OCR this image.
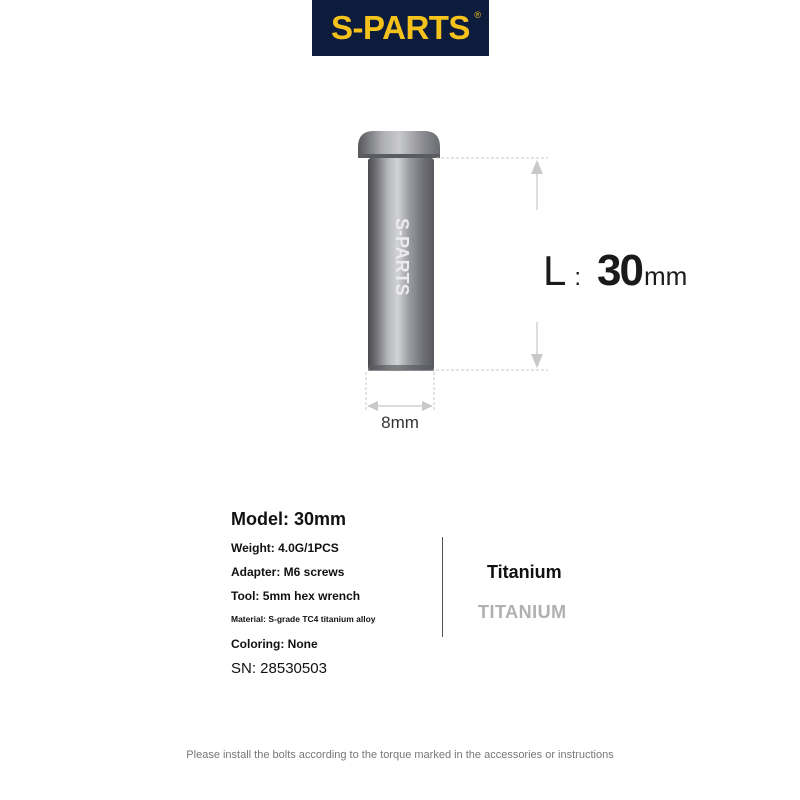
S-PARTS ®
S-PARTS	L : 30 mm
8mm
Model: 30mm
Weight: 4.0G/1PCS
Adapter: M6 screws
Tool: 5mm hex wrench
Material: S-grade TC4 titanium alloy
Coloring: None
SN: 28530503
Titanium
TITANIUM
Please install the bolts according to the torque marked in the accessories or instructions
